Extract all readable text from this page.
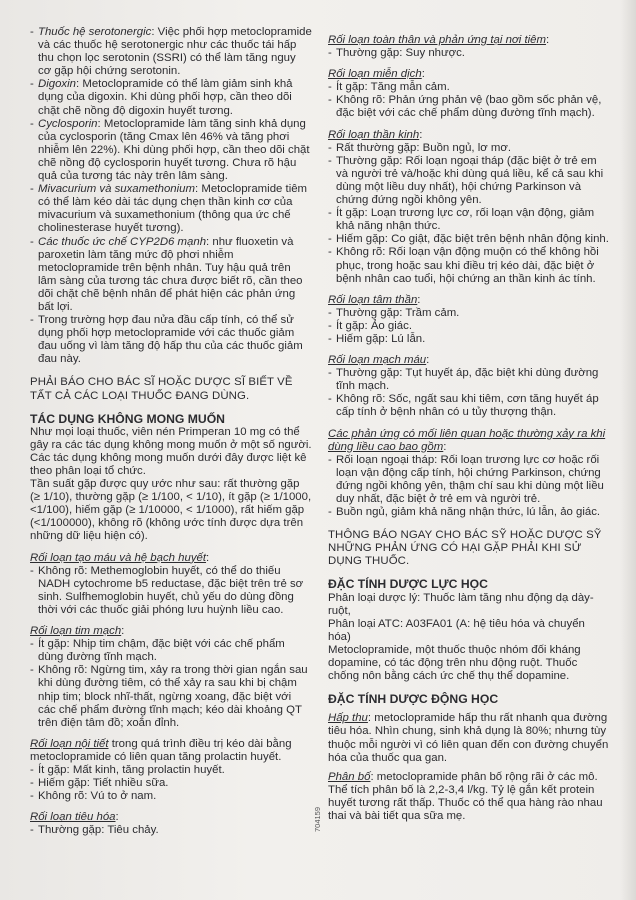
- Thuốc hệ serotonergic: Việc phối hợp metoclopramide và các thuốc hệ serotonergic như các thuốc tái hấp thu chọn lọc serotonin (SSRI) có thể làm tăng nguy cơ gặp hội chứng serotonin.

- Digoxin: Metoclopramide có thể làm giảm sinh khả dụng của digoxin. Khi dùng phối hợp, cần theo dõi chặt chẽ nồng độ digoxin huyết tương.

- Cyclosporin: Metoclopramide làm tăng sinh khả dụng của cyclosporin (tăng Cmax lên 46% và tăng phơi nhiễm lên 22%). Khi dùng phối hợp, cần theo dõi chặt chẽ nồng độ cyclosporin huyết tương. Chưa rõ hậu quả của tương tác này trên lâm sàng.

- Mivacurium và suxamethonium: Metoclopramide tiêm có thể làm kéo dài tác dụng chẹn thần kinh cơ của mivacurium và suxamethonium (thông qua ức chế cholinesterase huyết tương).

- Các thuốc ức chế CYP2D6 mạnh: như fluoxetin và paroxetin làm tăng mức độ phơi nhiễm metoclopramide trên bệnh nhân. Tuy hậu quả trên lâm sàng của tương tác chưa được biết rõ, cần theo dõi chặt chẽ bệnh nhân để phát hiện các phản ứng bất lợi.

- Trong trường hợp đau nửa đầu cấp tính, có thể sử dụng phối hợp metoclopramide với các thuốc giảm đau uống vì làm tăng độ hấp thu của các thuốc giảm đau này.

PHẢI BÁO CHO BÁC SĨ HOẶC DƯỢC SĨ BIẾT VỀ TẤT CẢ CÁC LOẠI THUỐC ĐANG DÙNG.

TÁC DỤNG KHÔNG MONG MUỐN

Như mọi loại thuốc, viên nén Primperan 10 mg có thể gây ra các tác dụng không mong muốn ở một số người. Các tác dụng không mong muốn dưới đây được liệt kê theo phân loại tổ chức.

Tần suất gặp được quy ước như sau: rất thường gặp (≥ 1/10), thường gặp (≥ 1/100, < 1/10), ít gặp (≥ 1/1000, <1/100), hiếm gặp (≥ 1/10000, < 1/1000), rất hiếm gặp (<1/100000), không rõ (không ước tính được dựa trên những dữ liệu hiện có).

Rối loạn tạo máu và hệ bạch huyết:

- Không rõ: Methemoglobin huyết, có thể do thiếu NADH cytochrome b5 reductase, đặc biệt trên trẻ sơ sinh. Sulfhemoglobin huyết, chủ yếu do dùng đồng thời với các thuốc giải phóng lưu huỳnh liều cao.

Rối loạn tim mạch:

- Ít gặp: Nhịp tim chậm, đặc biệt với các chế phẩm dùng đường tĩnh mạch.

- Không rõ: Ngừng tim, xảy ra trong thời gian ngắn sau khi dùng đường tiêm, có thể xảy ra sau khi bị chậm nhịp tim; block nhĩ-thất, ngừng xoang, đặc biệt với các chế phẩm đường tĩnh mạch; kéo dài khoảng QT trên điện tâm đồ; xoắn đỉnh.

Rối loạn nội tiết trong quá trình điều trị kéo dài bằng metoclopramide có liên quan tăng prolactin huyết.

- Ít gặp: Mất kinh, tăng prolactin huyết.

- Hiếm gặp: Tiết nhiều sữa.

- Không rõ: Vú to ở nam.

Rối loạn tiêu hóa:

- Thường gặp: Tiêu chảy.	704159

Rối loạn toàn thân và phản ứng tại nơi tiêm:

- Thường gặp: Suy nhược.

Rối loạn miễn dịch:

- Ít gặp: Tăng mẫn cảm.

- Không rõ: Phản ứng phản vệ (bao gồm sốc phản vệ, đặc biệt với các chế phẩm dùng đường tĩnh mạch).

Rối loạn thần kinh:

- Rất thường gặp: Buồn ngủ, lơ mơ.

- Thường gặp: Rối loạn ngoại tháp (đặc biệt ở trẻ em và người trẻ và/hoặc khi dùng quá liều, kể cả sau khi dùng một liều duy nhất), hội chứng Parkinson và chứng đứng ngồi không yên.

- Ít gặp: Loạn trương lực cơ, rối loạn vận động, giảm khả năng nhận thức.

- Hiếm gặp: Co giật, đặc biệt trên bệnh nhân động kinh.

- Không rõ: Rối loạn vận động muộn có thể không hồi phục, trong hoặc sau khi điều trị kéo dài, đặc biệt ở bệnh nhân cao tuổi, hội chứng an thần kinh ác tính.

Rối loạn tâm thần:

- Thường gặp: Trầm cảm.

- Ít gặp: Ảo giác.

- Hiếm gặp: Lú lẫn.

Rối loạn mạch máu:

- Thường gặp: Tụt huyết áp, đặc biệt khi dùng đường tĩnh mạch.

- Không rõ: Sốc, ngất sau khi tiêm, cơn tăng huyết áp cấp tính ở bệnh nhân có u tủy thượng thận.

Các phản ứng có mối liên quan hoặc thường xảy ra khi dùng liều cao bao gồm:

- Rối loạn ngoại tháp: Rối loạn trương lực cơ hoặc rối loạn vận động cấp tính, hội chứng Parkinson, chứng đứng ngồi không yên, thậm chí sau khi dùng một liều duy nhất, đặc biệt ở trẻ em và người trẻ.

- Buồn ngủ, giảm khả năng nhận thức, lú lẫn, ảo giác.

THÔNG BÁO NGAY CHO BÁC SỸ HOẶC DƯỢC SỸ NHỮNG PHẢN ỨNG CÓ HẠI GẶP PHẢI KHI SỬ DỤNG THUỐC.

ĐẶC TÍNH DƯỢC LỰC HỌC

Phân loại dược lý: Thuốc làm tăng nhu động dạ dày-ruột,

Phân loại ATC: A03FA01 (A: hệ tiêu hóa và chuyển hóa)

Metoclopramide, một thuốc thuộc nhóm đối kháng dopamine, có tác động trên nhu động ruột. Thuốc chống nôn bằng cách ức chế thụ thể dopamine.

ĐẶC TÍNH DƯỢC ĐỘNG HỌC

Hấp thu: metoclopramide hấp thu rất nhanh qua đường tiêu hóa. Nhìn chung, sinh khả dụng là 80%; nhưng tùy thuộc mỗi người vì có liên quan đến con đường chuyển hóa của thuốc qua gan.

Phân bố: metoclopramide phân bố rộng rãi ở các mô. Thể tích phân bố là 2,2-3,4 l/kg. Tỷ lệ gắn kết protein huyết tương rất thấp. Thuốc có thể qua hàng rào nhau thai và bài tiết qua sữa mẹ.
